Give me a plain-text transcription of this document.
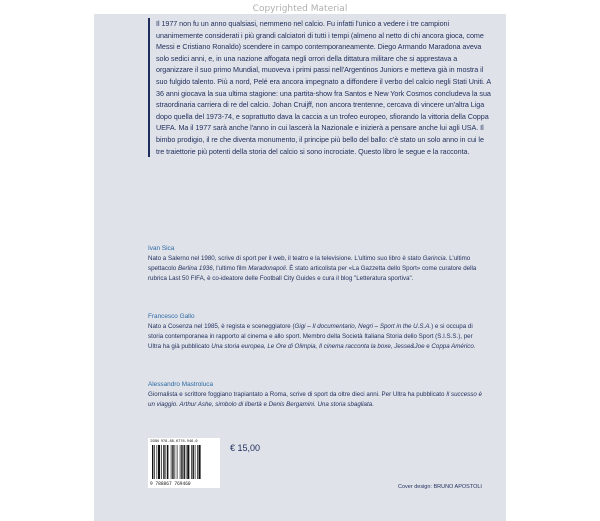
Copyrighted Material
Il 1977 non fu un anno qualsiasi, nemmeno nel calcio. Fu infatti l'unico a vedere i tre campioni unanimemente considerati i più grandi calciatori di tutti i tempi (almeno al netto di chi ancora gioca, come Messi e Cristiano Ronaldo) scendere in campo contemporaneamente. Diego Armando Maradona aveva solo sedici anni, e, in una nazione affogata negli orrori della dittatura militare che si apprestava a organizzare il suo primo Mundial, muoveva i primi passi nell'Argentinos Juniors e metteva già in mostra il suo fulgido talento. Più a nord, Pelé era ancora impegnato a diffondere il verbo del calcio negli Stati Uniti. A 36 anni giocava la sua ultima stagione: una partita-show fra Santos e New York Cosmos concludeva la sua straordinaria carriera di re del calcio. Johan Cruijff, non ancora trentenne, cercava di vincere un'altra Liga dopo quella del 1973-74, e soprattutto dava la caccia a un trofeo europeo, sfiorando la vittoria della Coppa UEFA. Ma il 1977 sarà anche l'anno in cui lascerà la Nazionale e inizierà a pensare anche lui agli USA. Il bimbo prodigio, il re che diventa monumento, il principe più bello del ballo: c'è stato un solo anno in cui le tre traiettorie più potenti della storia del calcio si sono incrociate. Questo libro le segue e la racconta.
Ivan Sica
Nato a Salerno nel 1980, scrive di sport per il web, il teatro e la televisione. L'ultimo suo libro è stato Garincia. L'ultimo spettacolo Berlina 1936, l'ultimo film Maradonapoli. È stato articolista per «La Gazzetta dello Sport» come curatore della rubrica Last 50 FIFA, è co-ideatore delle Football City Guides e cura il blog "Letteratura sportiva".
Francesco Gallo
Nato a Cosenza nel 1985, è regista e sceneggiatore (Gigi – Il documentario, Negri – Sport in the U.S.A.) e si occupa di storia contemporanea in rapporto al cinema e allo sport. Membro della Società Italiana Storia dello Sport (S.I.S.S.), per Ultra ha già pubblicato Una storia europea, Le Ore di Olimpia, Il cinema racconta la boxe, Jesse&Joe e Coppa Américo.
Alessandro Mastroluca
Giornalista e scrittore foggiano trapiantato a Roma, scrive di sport da oltre dieci anni. Per Ultra ha pubblicato Il successo è un viaggio. Arthur Ashe, simbolo di libertà e Denis Bergamini. Una storia sbagliata.
ISBN 978-88-6776-946-0
9 788867 769460
€ 15,00
Cover design: BRUNO APOSTOLI
